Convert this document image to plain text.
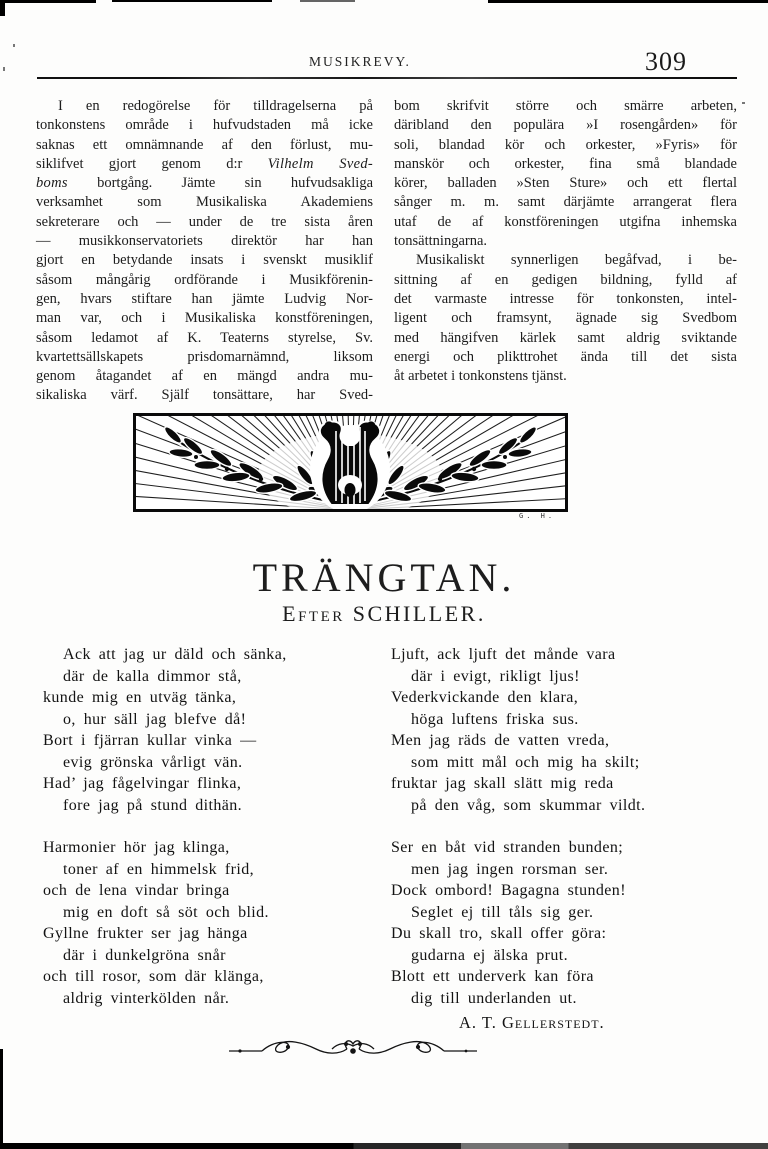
MUSIKREVY.	309
I en redogörelse för tilldragelserna på
tonkonstens område i hufvudstaden må icke
saknas ett omnämnande af den förlust, mu-
siklifvet gjort genom d:r Vilhelm Sved-
boms bortgång. Jämte sin hufvudsakliga
verksamhet som Musikaliska Akademiens
sekreterare och — under de tre sista åren
— musikkonservatoriets direktör har han
gjort en betydande insats i svenskt musiklif
såsom mångårig ordförande i Musikförenin-
gen, hvars stiftare han jämte Ludvig Nor-
man var, och i Musikaliska konstföreningen,
såsom ledamot af K. Teaterns styrelse, Sv.
kvartettsällskapets prisdomarnämnd, liksom
genom åtagandet af en mängd andra mu-
sikaliska värf. Själf tonsättare, har Sved-
bom skrifvit större och smärre arbeten,
däribland den populära »I rosengården» för
soli, blandad kör och orkester, »Fyris» för
manskör och orkester, fina små blandade
körer, balladen »Sten Sture» och ett flertal
sånger m. m. samt därjämte arrangerat flera
utaf de af konstföreningen utgifna inhemska
tonsättningarna.
Musikaliskt synnerligen begåfvad, i be-
sittning af en gedigen bildning, fylld af
det varmaste intresse för tonkonsten, intel-
ligent och framsynt, ägnade sig Svedbom
med hängifven kärlek samt aldrig sviktande
energi och plikttrohet ända till det sista
åt arbetet i tonkonstens tjänst.
G. H.
TRÄNGTAN.
Efter SCHILLER.
Ack att jag ur däld och sänka,
där de kalla dimmor stå,
kunde mig en utväg tänka,
o, hur säll jag blefve då!
Bort i fjärran kullar vinka —
evig grönska vårligt vän.
Had’ jag fågelvingar flinka,
fore jag på stund dithän.
Harmonier hör jag klinga,
toner af en himmelsk frid,
och de lena vindar bringa
mig en doft så söt och blid.
Gyllne frukter ser jag hänga
där i dunkelgröna snår
och till rosor, som där klänga,
aldrig vinterkölden når.
Ljuft, ack ljuft det månde vara
där i evigt, rikligt ljus!
Vederkvickande den klara,
höga luftens friska sus.
Men jag räds de vatten vreda,
som mitt mål och mig ha skilt;
fruktar jag skall slätt mig reda
på den våg, som skummar vildt.
Ser en båt vid stranden bunden;
men jag ingen rorsman ser.
Dock ombord! Bagagna stunden!
Seglet ej till tåls sig ger.
Du skall tro, skall offer göra:
gudarna ej älska prut.
Blott ett underverk kan föra
dig till underlanden ut.
A. T. Gellerstedt.
